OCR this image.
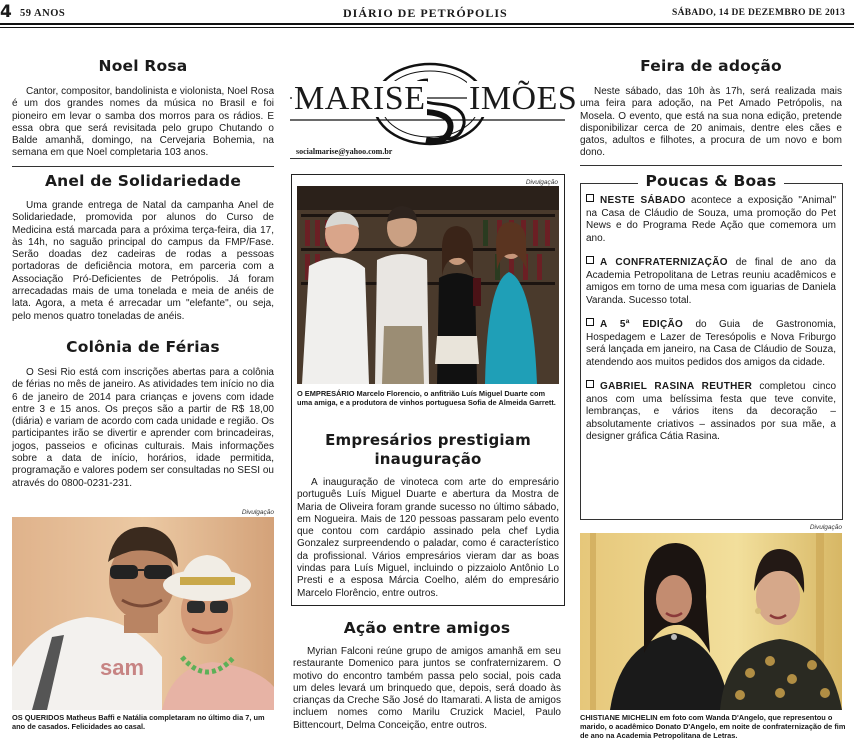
4 59 ANOS	DIÁRIO DE PETRÓPOLIS	SÁBADO, 14 DE DEZEMBRO DE 2013
Noel Rosa

Cantor, compositor, bandolinista e violonista, Noel Rosa é um dos grandes nomes da música no Brasil e foi pioneiro em levar o samba dos morros para os rádios. E essa obra que será revisitada pelo grupo Chutando o Balde amanhã, domingo, na Cervejaria Bohemia, na semana em que Noel completaria 103 anos.

Anel de Solidariedade

Uma grande entrega de Natal da campanha Anel de Solidariedade, promovida por alunos do Curso de Medicina está marcada para a próxima terça-feira, dia 17, às 14h, no saguão principal do campus da FMP/Fase. Serão doadas dez cadeiras de rodas a pessoas portadoras de deficiência motora, em parceria com a Associação Pró-Deficientes de Petrópolis. Já foram arrecadadas mais de uma tonelada e meia de anéis de lata. Agora, a meta é arrecadar um "elefante", ou seja, pelo menos quatro toneladas de anéis.

Colônia de Férias

O Sesi Rio está com inscrições abertas para a colônia de férias no mês de janeiro. As atividades tem início no dia 6 de janeiro de 2014 para crianças e jovens com idade entre 3 e 15 anos. Os preços são a partir de R$ 18,00 (diária) e variam de acordo com cada unidade e região. Os participantes irão se divertir e aprender com brincadeiras, jogos, passeios e oficinas culturais. Mais informações sobre a data de início, horários, idade permitida, programação e valores podem ser consultadas no SESI ou através do 0800-0231-231.

Divulgação
sam
OS QUERIDOS Matheus Baffi e Natália completaram no último dia 7, um ano de casados. Felicidades ao casal.
MARISE IMÕES
socialmarise@yahoo.com.br
Divulgação
O EMPRESÁRIO Marcelo Florencio, o anfitrião Luís Miguel Duarte com uma amiga, e a produtora de vinhos portuguesa Sofia de Almeida Garrett.
Empresários prestigiam
inauguração

A inauguração de vinoteca com arte do empresário português Luís Miguel Duarte e abertura da Mostra de Maria de Oliveira foram grande sucesso no último sábado, em Nogueira. Mais de 120 pessoas passaram pelo evento que contou com cardápio assinado pela chef Lydia Gonzalez surpreendendo o paladar, como é característico da profissional. Vários empresários vieram dar as boas vindas para Luís Miguel, incluindo o pizzaiolo Antônio Lo Presti e a esposa Márcia Coelho, além do empresário Marcelo Florêncio, entre outros.

Ação entre amigos

Myrian Falconi reúne grupo de amigos amanhã em seu restaurante Domenico para juntos se confraternizarem. O motivo do encontro também passa pelo social, pois cada um deles levará um brinquedo que, depois, será doado às crianças da Creche São José do Itamarati. A lista de amigos incluem nomes como Marilu Cruzick Maciel, Paulo Bittencourt, Delma Conceição, entre outros.

Feira de adoção

Neste sábado, das 10h às 17h, será realizada mais uma feira para adoção, na Pet Amado Petrópolis, na Mosela. O evento, que está na sua nona edição, pretende disponibilizar cerca de 20 animais, dentre eles cães e gatos, adultos e filhotes, a procura de um novo e bom dono.

Poucas & Boas

NESTE SÁBADO acontece a exposição "Animal" na Casa de Cláudio de Souza, uma promoção do Pet News e do Programa Rede Ação que comemora um ano.

A CONFRATERNIZAÇÃO de final de ano da Academia Petropolitana de Letras reuniu acadêmicos e amigos em torno de uma mesa com iguarias de Daniela Varanda. Sucesso total.

A 5ª EDIÇÃO do Guia de Gastronomia, Hospedagem e Lazer de Teresópolis e Nova Friburgo será lançada em janeiro, na Casa de Cláudio de Souza, atendendo aos muitos pedidos dos amigos da cidade.

GABRIEL RASINA REUTHER completou cinco anos com uma belíssima festa que teve convite, lembranças, e vários itens da decoração – absolutamente criativos – assinados por sua mãe, a designer gráfica Cátia Rasina.

Divulgação
CHISTIANE MICHELIN em foto com Wanda D'Angelo, que representou o marido, o acadêmico Donato D'Angelo, em noite de confraternização de fim de ano na Academia Petropolitana de Letras.
